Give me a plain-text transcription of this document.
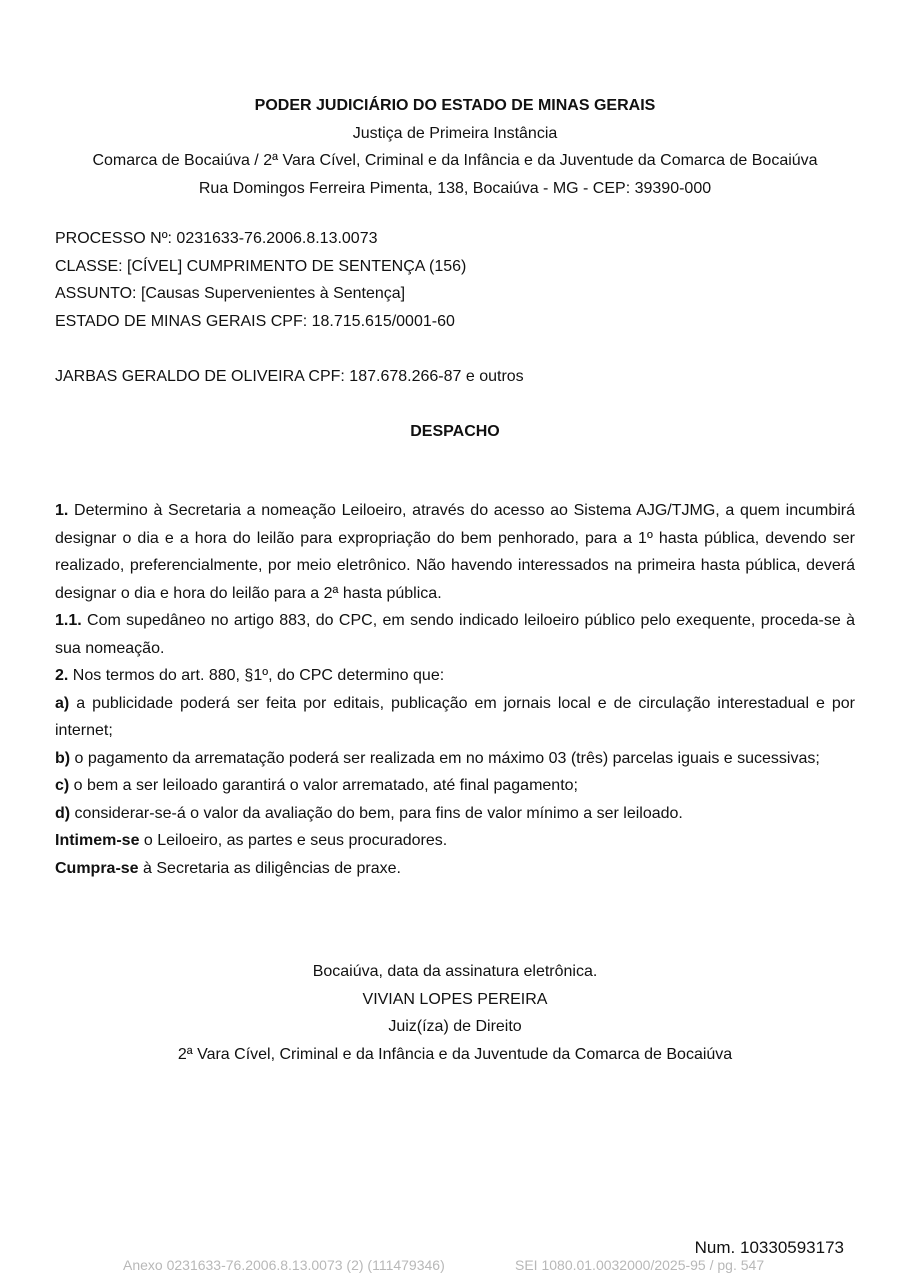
PODER JUDICIÁRIO DO ESTADO DE MINAS GERAIS
Justiça de Primeira Instância
Comarca de Bocaiúva / 2ª Vara Cível, Criminal e da Infância e da Juventude da Comarca de Bocaiúva
Rua Domingos Ferreira Pimenta, 138, Bocaiúva - MG - CEP: 39390-000
PROCESSO Nº: 0231633-76.2006.8.13.0073
CLASSE: [CÍVEL] CUMPRIMENTO DE SENTENÇA (156)
ASSUNTO: [Causas Supervenientes à Sentença]
ESTADO DE MINAS GERAIS CPF: 18.715.615/0001-60
JARBAS GERALDO DE OLIVEIRA CPF: 187.678.266-87 e outros
DESPACHO

1. Determino à Secretaria a nomeação Leiloeiro, através do acesso ao Sistema AJG/TJMG, a quem incumbirá designar o dia e a hora do leilão para expropriação do bem penhorado, para a 1º hasta pública, devendo ser realizado, preferencialmente, por meio eletrônico. Não havendo interessados na primeira hasta pública, deverá designar o dia e hora do leilão para a 2ª hasta pública.

1.1. Com supedâneo no artigo 883, do CPC, em sendo indicado leiloeiro público pelo exequente, proceda-se à sua nomeação.

2. Nos termos do art. 880, §1º, do CPC determino que:

a) a publicidade poderá ser feita por editais, publicação em jornais local e de circulação interestadual e por internet;

b) o pagamento da arrematação poderá ser realizada em no máximo 03 (três) parcelas iguais e sucessivas;

c) o bem a ser leiloado garantirá o valor arrematado, até final pagamento;

d) considerar-se-á o valor da avaliação do bem, para fins de valor mínimo a ser leiloado.

Intimem-se o Leiloeiro, as partes e seus procuradores.

Cumpra-se à Secretaria as diligências de praxe.

Bocaiúva, data da assinatura eletrônica.
VIVIAN LOPES PEREIRA
Juiz(íza) de Direito
2ª Vara Cível, Criminal e da Infância e da Juventude da Comarca de Bocaiúva
Num. 10330593173
Anexo 0231633-76.2006.8.13.0073 (2) (111479346)	SEI 1080.01.0032000/2025-95 / pg. 547
